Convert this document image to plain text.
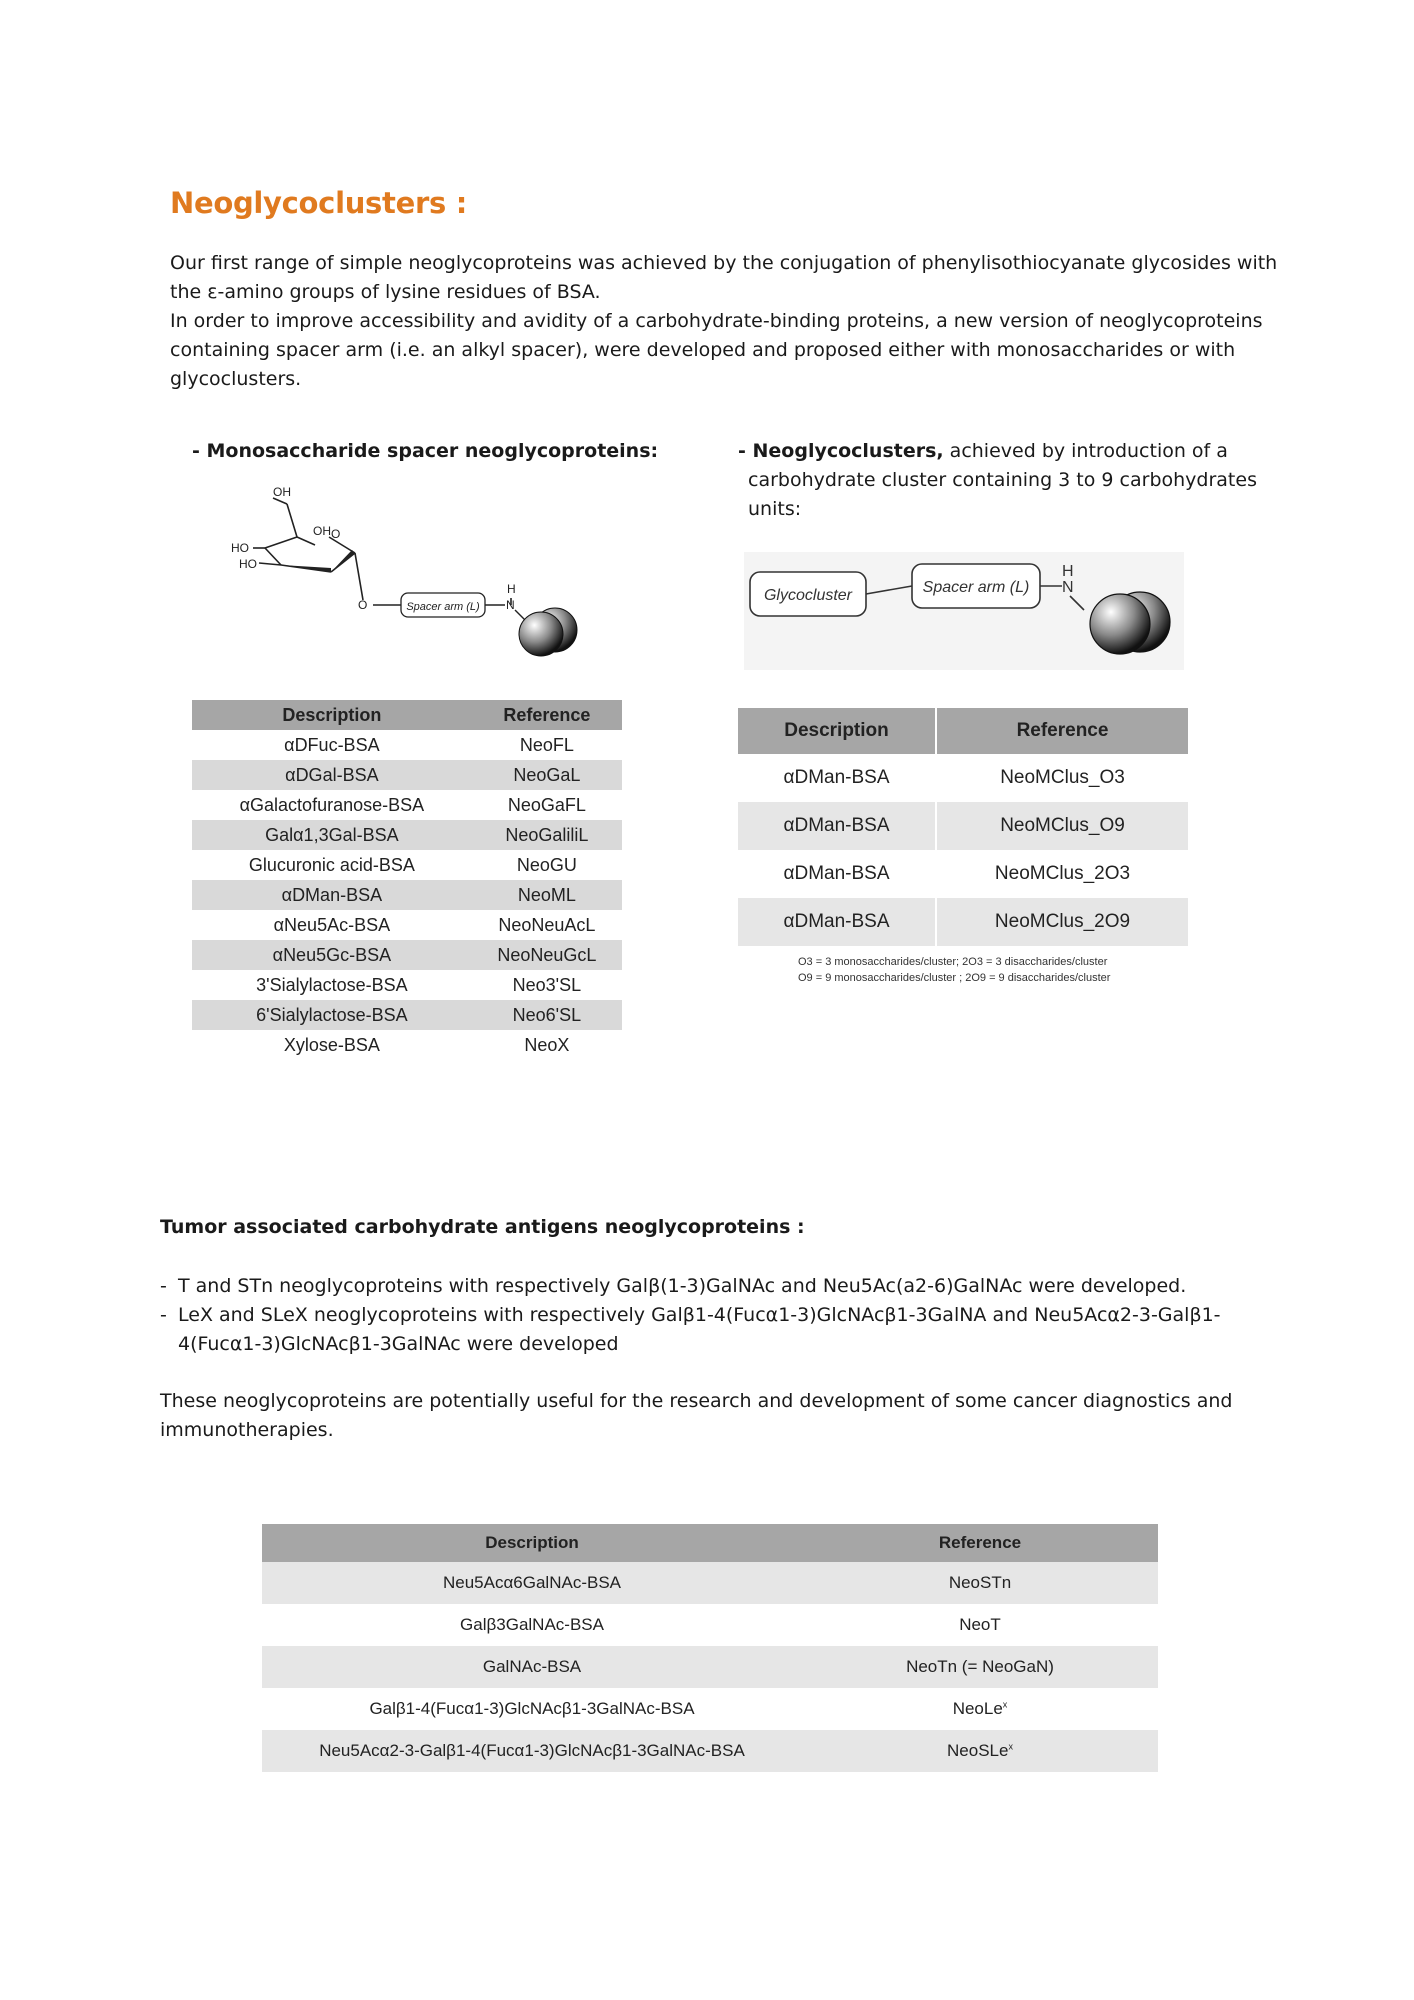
Neoglycoclusters :

Our first range of simple neoglycoproteins was achieved by the conjugation of phenylisothiocyanate glycosides with the ε-amino groups of lysine residues of BSA.

In order to improve accessibility and avidity of a carbohydrate-binding proteins, a new version of neoglycoproteins containing spacer arm (i.e. an alkyl spacer), were developed and proposed either with monosaccharides or with glycoclusters.

- Monosaccharide spacer neoglycoproteins:
OH
OH O
HO
HO
O
H
N
Spacer arm (L)
Description	Reference
αDFuc-BSA	NeoFL
αDGal-BSA	NeoGaL
αGalactofuranose-BSA	NeoGaFL
Galα1,3Gal-BSA	NeoGaliliL
Glucuronic acid-BSA	NeoGU
αDMan-BSA	NeoML
αNeu5Ac-BSA	NeoNeuAcL
αNeu5Gc-BSA	NeoNeuGcL
3'Sialylactose-BSA	Neo3'SL
6'Sialylactose-BSA	Neo6'SL
Xylose-BSA	NeoX
- Neoglycoclusters, achieved by introduction of a
carbohydrate cluster containing 3 to 9 carbohydrates
units:
Glycocluster	Spacer arm (L)
H
N
Description	Reference
αDMan-BSA	NeoMClus_O3
αDMan-BSA	NeoMClus_O9
αDMan-BSA	NeoMClus_2O3
αDMan-BSA	NeoMClus_2O9
O3 = 3 monosaccharides/cluster; 2O3 = 3 disaccharides/cluster
O9 = 9 monosaccharides/cluster ; 2O9 = 9 disaccharides/cluster
Tumor associated carbohydrate antigens neoglycoproteins :
- T and STn neoglycoproteins with respectively Galβ(1-3)GalNAc and Neu5Ac(a2-6)GalNAc were developed.
- LeX and SLeX neoglycoproteins with respectively Galβ1-4(Fucα1-3)GlcNAcβ1-3GalNA and Neu5Acα2-3-Galβ1-4(Fucα1-3)GlcNAcβ1-3GalNAc were developed
These neoglycoproteins are potentially useful for the research and development of some cancer diagnostics and immunotherapies.
Description	Reference
Neu5Acα6GalNAc-BSA	NeoSTn
Galβ3GalNAc-BSA	NeoT
GalNAc-BSA	NeoTn (= NeoGaN)
Galβ1-4(Fucα1-3)GlcNAcβ1-3GalNAc-BSA	NeoLe$^x$
Neu5Acα2-3-Galβ1-4(Fucα1-3)GlcNAcβ1-3GalNAc-BSA	NeoSLe$^x$
